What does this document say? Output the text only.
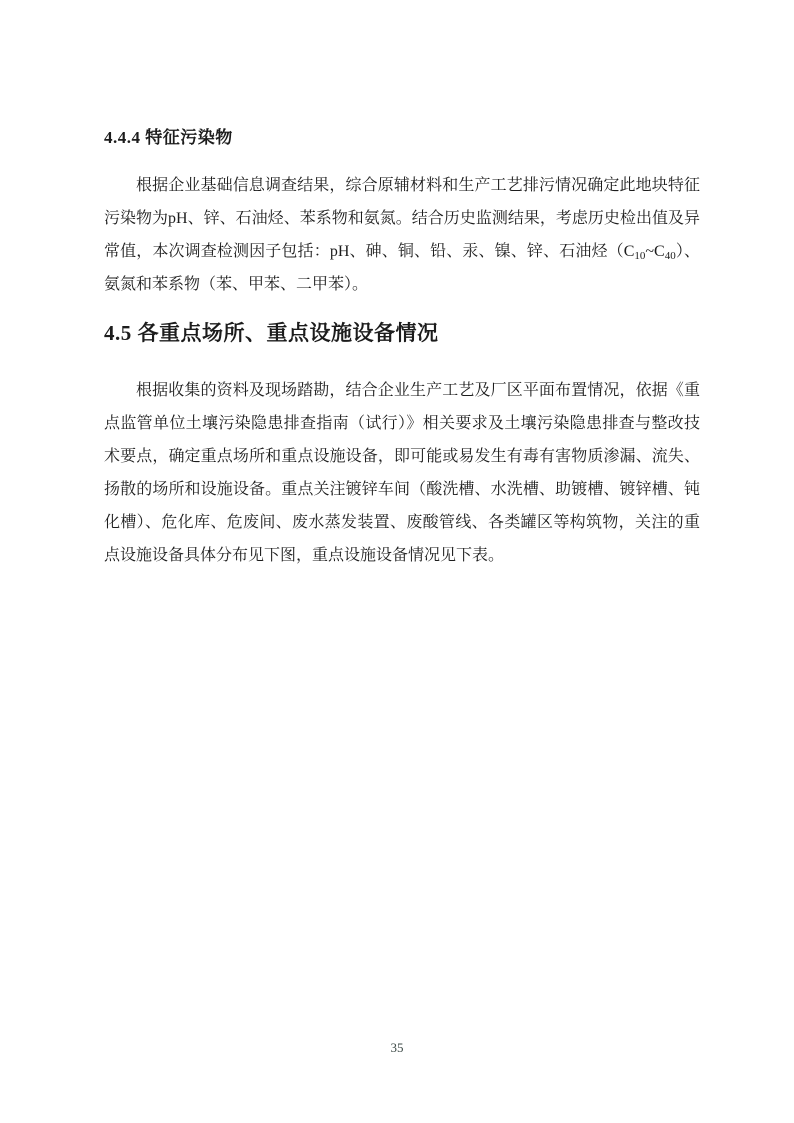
4.4.4 特征污染物

根据企业基础信息调查结果，综合原辅材料和生产工艺排污情况确定此地块特征污染物为pH、锌、石油烃、苯系物和氨氮。结合历史监测结果，考虑历史检出值及异常值，本次调查检测因子包括：pH、砷、铜、铅、汞、镍、锌、石油烃$(C_{10}\sim C_{40})$、氨氮和苯系物（苯、甲苯、二甲苯）。

4.5 各重点场所、重点设施设备情况

根据收集的资料及现场踏勘，结合企业生产工艺及厂区平面布置情况，依据《重点监管单位土壤污染隐患排查指南（试行）》相关要求及土壤污染隐患排查与整改技术要点，确定重点场所和重点设施设备，即可能或易发生有毒有害物质渗漏、流失、扬散的场所和设施设备。重点关注镀锌车间（酸洗槽、水洗槽、助镀槽、镀锌槽、钝化槽）、危化库、危废间、废水蒸发装置、废酸管线、各类罐区等构筑物，关注的重点设施设备具体分布见下图，重点设施设备情况见下表。

35
